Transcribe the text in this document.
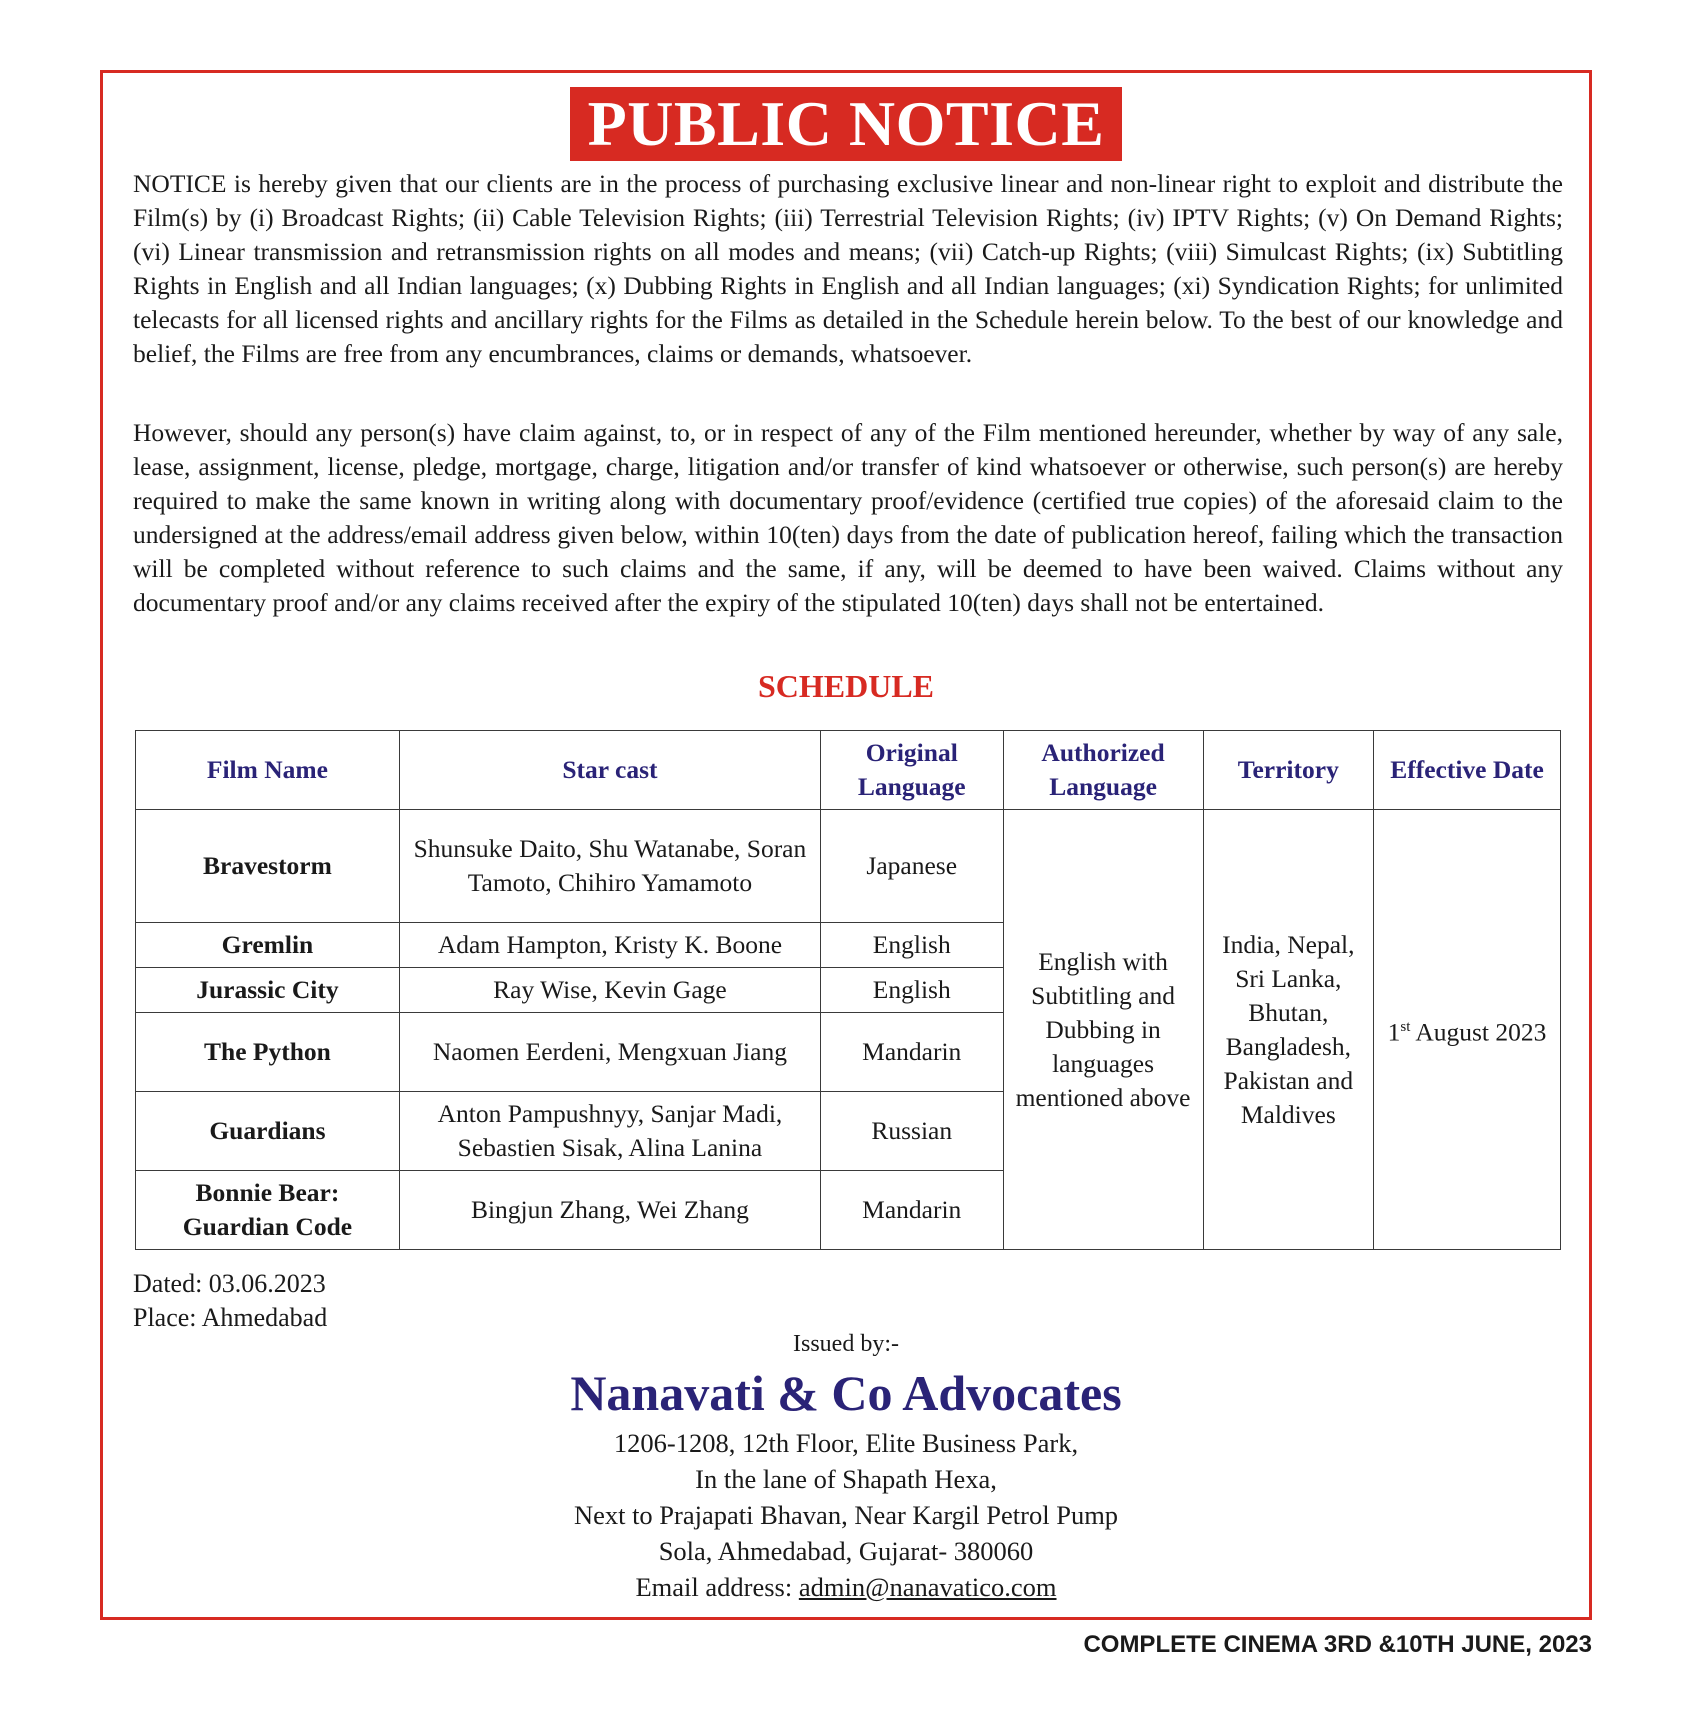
PUBLIC NOTICE

NOTICE is hereby given that our clients are in the process of purchasing exclusive linear and non-linear right to exploit and distribute the Film(s) by (i) Broadcast Rights; (ii) Cable Television Rights; (iii) Terrestrial Television Rights; (iv) IPTV Rights; (v) On Demand Rights; (vi) Linear transmission and retransmission rights on all modes and means; (vii) Catch-up Rights; (viii) Simulcast Rights; (ix) Subtitling Rights in English and all Indian languages; (x) Dubbing Rights in English and all Indian languages; (xi) Syndication Rights; for unlimited telecasts for all licensed rights and ancillary rights for the Films as detailed in the Schedule herein below. To the best of our knowledge and belief, the Films are free from any encumbrances, claims or demands, whatsoever.

However, should any person(s) have claim against, to, or in respect of any of the Film mentioned hereunder, whether by way of any sale, lease, assignment, license, pledge, mortgage, charge, litigation and/or transfer of kind whatsoever or otherwise, such person(s) are hereby required to make the same known in writing along with documentary proof/evidence (certified true copies) of the aforesaid claim to the undersigned at the address/email address given below, within 10(ten) days from the date of publication hereof, failing which the transaction will be completed without reference to such claims and the same, if any, will be deemed to have been waived. Claims without any documentary proof and/or any claims received after the expiry of the stipulated 10(ten) days shall not be entertained.

SCHEDULE
Film Name	Star cast	Original Language	Authorized Language	Territory	Effective Date
Bravestorm	Shunsuke Daito, Shu Watanabe, Soran Tamoto, Chihiro Yamamoto	Japanese	English with Subtitling and Dubbing in languages mentioned above	India, Nepal, Sri Lanka, Bhutan, Bangladesh, Pakistan and Maldives	1st August 2023
Gremlin	Adam Hampton, Kristy K. Boone	English			
Jurassic City	Ray Wise, Kevin Gage	English			
The Python	Naomen Eerdeni, Mengxuan Jiang	Mandarin			
Guardians	Anton Pampushnyy, Sanjar Madi, Sebastien Sisak, Alina Lanina	Russian			
Bonnie Bear: Guardian Code	Bingjun Zhang, Wei Zhang	Mandarin			
Dated: 03.06.2023
Place: Ahmedabad
Issued by:-
Nanavati & Co Advocates
1206-1208, 12th Floor, Elite Business Park,
In the lane of Shapath Hexa,
Next to Prajapati Bhavan, Near Kargil Petrol Pump
Sola, Ahmedabad, Gujarat- 380060
Email address: admin@nanavatico.com
COMPLETE CINEMA 3RD &10TH JUNE, 2023
